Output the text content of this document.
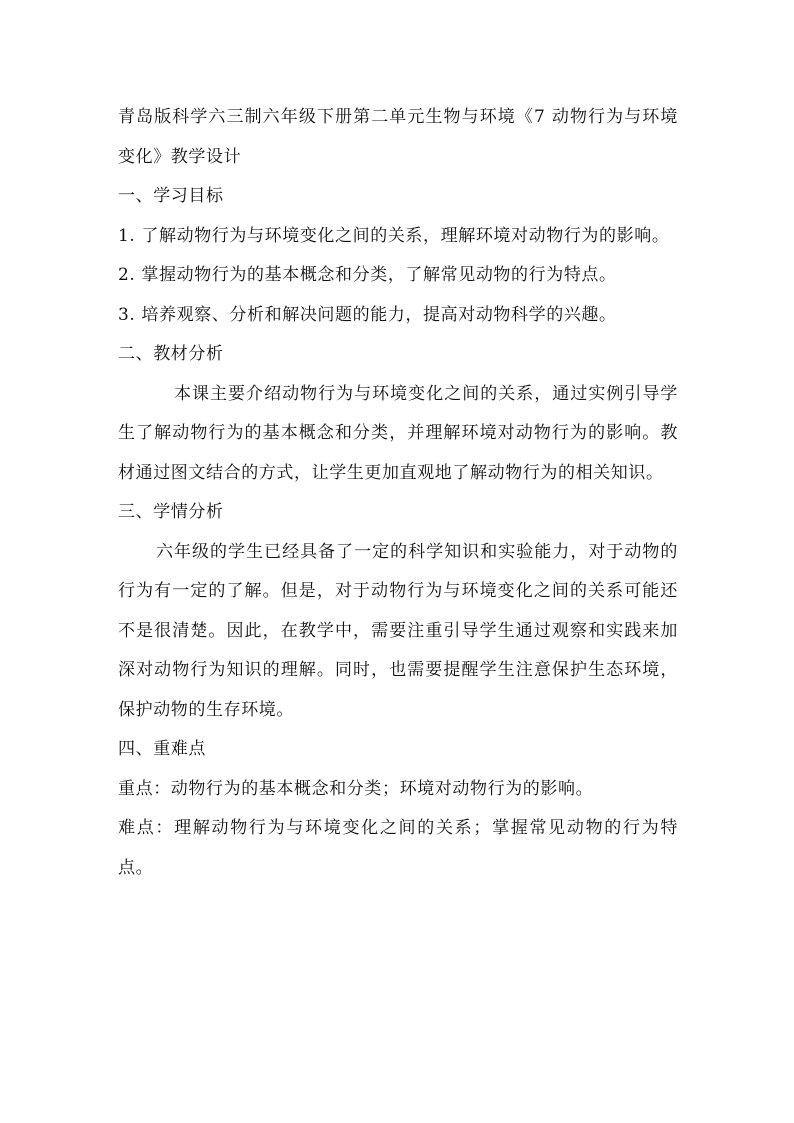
青岛版科学六三制六年级下册第二单元生物与环境《7 动物行为与环境变化》教学设计

一、学习目标

1. 了解动物行为与环境变化之间的关系，理解环境对动物行为的影响。

2. 掌握动物行为的基本概念和分类，了解常见动物的行为特点。

3. 培养观察、分析和解决问题的能力，提高对动物科学的兴趣。

二、教材分析

本课主要介绍动物行为与环境变化之间的关系，通过实例引导学生了解动物行为的基本概念和分类，并理解环境对动物行为的影响。教材通过图文结合的方式，让学生更加直观地了解动物行为的相关知识。

三、学情分析

六年级的学生已经具备了一定的科学知识和实验能力，对于动物的行为有一定的了解。但是，对于动物行为与环境变化之间的关系可能还不是很清楚。因此，在教学中，需要注重引导学生通过观察和实践来加深对动物行为知识的理解。同时，也需要提醒学生注意保护生态环境，保护动物的生存环境。

四、重难点

重点：动物行为的基本概念和分类；环境对动物行为的影响。

难点：理解动物行为与环境变化之间的关系；掌握常见动物的行为特点。
